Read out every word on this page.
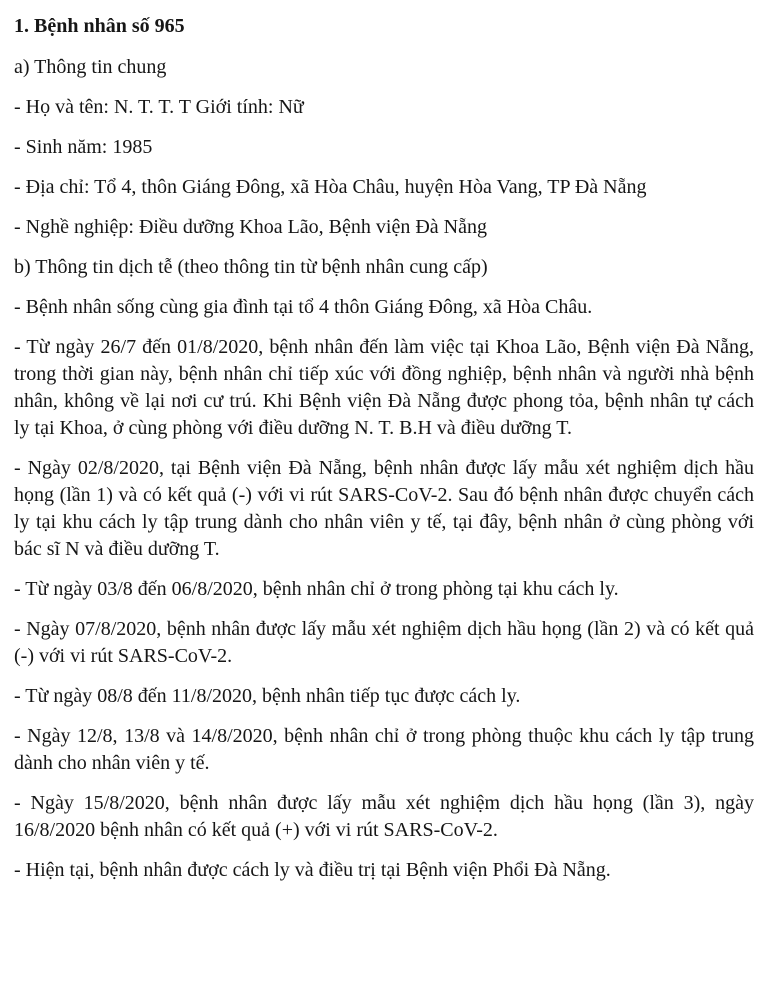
1. Bệnh nhân số 965

a) Thông tin chung

- Họ và tên: N. T. T. T Giới tính: Nữ

- Sinh năm: 1985

- Địa chỉ: Tổ 4, thôn Giáng Đông, xã Hòa Châu, huyện Hòa Vang, TP Đà Nẵng

- Nghề nghiệp: Điều dưỡng Khoa Lão, Bệnh viện Đà Nẵng

b) Thông tin dịch tễ (theo thông tin từ bệnh nhân cung cấp)

- Bệnh nhân sống cùng gia đình tại tổ 4 thôn Giáng Đông, xã Hòa Châu.

- Từ ngày 26/7 đến 01/8/2020, bệnh nhân đến làm việc tại Khoa Lão, Bệnh viện Đà Nẵng, trong thời gian này, bệnh nhân chỉ tiếp xúc với đồng nghiệp, bệnh nhân và người nhà bệnh nhân, không về lại nơi cư trú. Khi Bệnh viện Đà Nẵng được phong tỏa, bệnh nhân tự cách ly tại Khoa, ở cùng phòng với điều dưỡng N. T. B.H và điều dưỡng T.

- Ngày 02/8/2020, tại Bệnh viện Đà Nẵng, bệnh nhân được lấy mẫu xét nghiệm dịch hầu họng (lần 1) và có kết quả (-) với vi rút SARS-CoV-2. Sau đó bệnh nhân được chuyển cách ly tại khu cách ly tập trung dành cho nhân viên y tế, tại đây, bệnh nhân ở cùng phòng với bác sĩ N và điều dưỡng T.

- Từ ngày 03/8 đến 06/8/2020, bệnh nhân chỉ ở trong phòng tại khu cách ly.

- Ngày 07/8/2020, bệnh nhân được lấy mẫu xét nghiệm dịch hầu họng (lần 2) và có kết quả (-) với vi rút SARS-CoV-2.

- Từ ngày 08/8 đến 11/8/2020, bệnh nhân tiếp tục được cách ly.

- Ngày 12/8, 13/8 và 14/8/2020, bệnh nhân chỉ ở trong phòng thuộc khu cách ly tập trung dành cho nhân viên y tế.

- Ngày 15/8/2020, bệnh nhân được lấy mẫu xét nghiệm dịch hầu họng (lần 3), ngày 16/8/2020 bệnh nhân có kết quả (+) với vi rút SARS-CoV-2.

- Hiện tại, bệnh nhân được cách ly và điều trị tại Bệnh viện Phổi Đà Nẵng.
